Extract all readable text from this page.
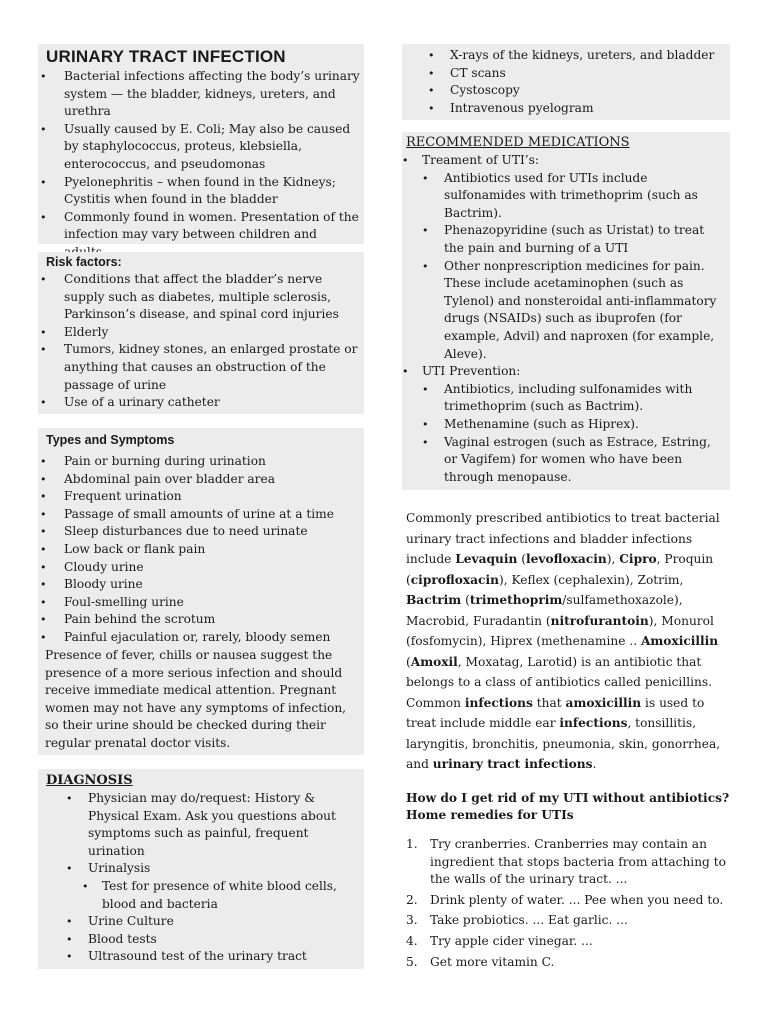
URINARY TRACT INFECTION
• Bacterial infections affecting the body’s urinary system — the bladder, kidneys, ureters, and urethra
• Usually caused by E. Coli; May also be caused by staphylococcus, proteus, klebsiella, enterococcus, and pseudomonas
• Pyelonephritis – when found in the Kidneys; Cystitis when found in the bladder
• Commonly found in women. Presentation of the infection may vary between children and
Risk factors:
• Conditions that affect the bladder’s nerve supply such as diabetes, multiple sclerosis, Parkinson’s disease, and spinal cord injuries
• Elderly
• Tumors, kidney stones, an enlarged prostate or anything that causes an obstruction of the passage of urine
• Use of a urinary catheter
Types and Symptoms
• Pain or burning during urination
• Abdominal pain over bladder area
• Frequent urination
• Passage of small amounts of urine at a time
• Sleep disturbances due to need urinate
• Low back or flank pain
• Cloudy urine
• Bloody urine
• Foul-smelling urine
• Pain behind the scrotum
• Painful ejaculation or, rarely, bloody semen

Presence of fever, chills or nausea suggest the presence of a more serious infection and should receive immediate medical attention. Pregnant women may not have any symptoms of infection, so their urine should be checked during their regular prenatal doctor visits.

DIAGNOSIS
• Physician may do/request: History & Physical Exam. Ask you questions about symptoms such as painful, frequent urination
• Urinalysis
• Test for presence of white blood cells, blood and bacteria
• Urine Culture
• Blood tests
• Ultrasound test of the urinary tract
• X-rays of the kidneys, ureters, and bladder
• CT scans
• Cystoscopy
• Intravenous pyelogram
RECOMMENDED MEDICATIONS
• Treament of UTI’s:
• Antibiotics used for UTIs include sulfonamides with trimethoprim (such as Bactrim).
• Phenazopyridine (such as Uristat) to treat the pain and burning of a UTI
• Other nonprescription medicines for pain. These include acetaminophen (such as Tylenol) and nonsteroidal anti-inflammatory drugs (NSAIDs) such as ibuprofen (for example, Advil) and naproxen (for example, Aleve).
• UTI Prevention:
• Antibiotics, including sulfonamides with trimethoprim (such as Bactrim).
• Methenamine (such as Hiprex).
• Vaginal estrogen (such as Estrace, Estring, or Vagifem) for women who have been through menopause.

Commonly prescribed antibiotics to treat bacterial urinary tract infections and bladder infections include Levaquin (levofloxacin), Cipro, Proquin (ciprofloxacin), Keflex (cephalexin), Zotrim, Bactrim (trimethoprim/sulfamethoxazole), Macrobid, Furadantin (nitrofurantoin), Monurol (fosfomycin), Hiprex (methenamine .. Amoxicillin (Amoxil, Moxatag, Larotid) is an antibiotic that belongs to a class of antibiotics called penicillins. Common infections that amoxicillin is used to treat include middle ear infections, tonsillitis, laryngitis, bronchitis, pneumonia, skin, gonorrhea, and urinary tract infections.

How do I get rid of my UTI without antibiotics? Home remedies for UTIs

1. Try cranberries. Cranberries may contain an ingredient that stops bacteria from attaching to the walls of the urinary tract. ...
2. Drink plenty of water. ... Pee when you need to.
3. Take probiotics. ... Eat garlic. ...
4. Try apple cider vinegar. ...
5. Get more vitamin C.
